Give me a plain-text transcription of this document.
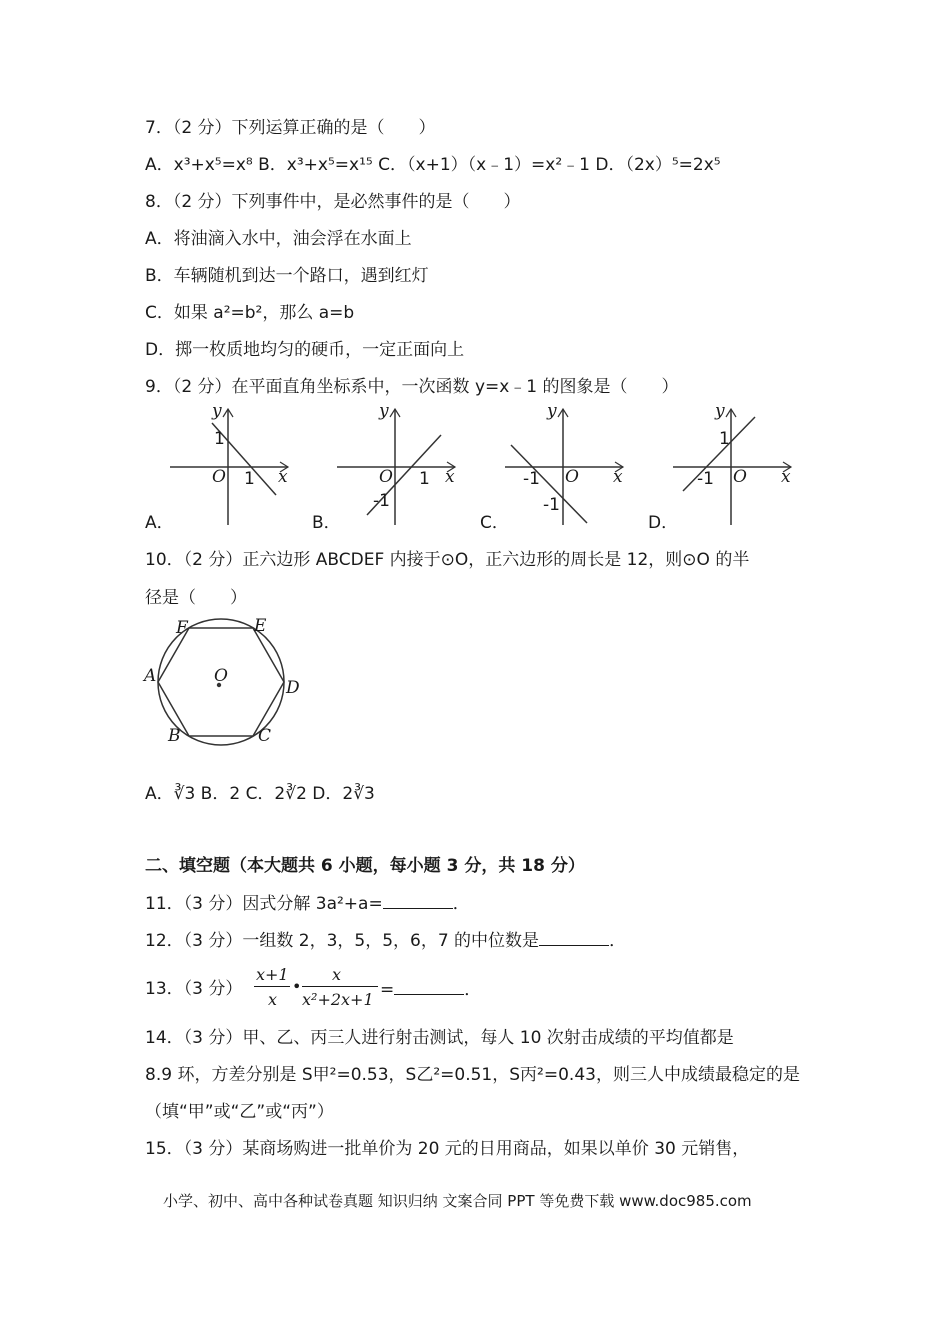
7．（2 分）下列运算正确的是（　　）
A．x³+x⁵=x⁸ B．x³+x⁵=x¹⁵ C．（x+1）（x﹣1）=x²﹣1 D．（2x）⁵=2x⁵
8．（2 分）下列事件中，是必然事件的是（　　）
A．将油滴入水中，油会浮在水面上
B．车辆随机到达一个路口，遇到红灯
C．如果 a²=b²，那么 a=b
D．掷一枚质地均匀的硬币，一定正面向上
9．（2 分）在平面直角坐标系中，一次函数 y=x﹣1 的图象是（　　）
y
x
O
1
1
A．
y
x
O
-1
1
B．
y
x
O
-1
-1
C．
y
x
O
1
-1
D．
10．（2 分）正六边形 ABCDEF 内接于⊙O，正六边形的周长是 12，则⊙O 的半
径是（　　）
A
B	C
D
E
F
O
A．∛3 B．2 C．2∛2 D．2∛3
二、填空题（本大题共 6 小题，每小题 3 分，共 18 分）
11．（3 分）因式分解 3a²+a=	．
12．（3 分）一组数 2，3，5，5，6，7 的中位数是	．
13．（3 分）
x+1
x
•
x
x²+2x+1 =	．
14．（3 分）甲、乙、丙三人进行射击测试，每人 10 次射击成绩的平均值都是
8.9 环，方差分别是 S甲²=0.53，S乙²=0.51，S丙²=0.43，则三人中成绩最稳定的是
（填“甲”或“乙”或“丙”）
15．（3 分）某商场购进一批单价为 20 元的日用商品，如果以单价 30 元销售，
小学、初中、高中各种试卷真题 知识归纳 文案合同 PPT 等免费下载 www.doc985.com
